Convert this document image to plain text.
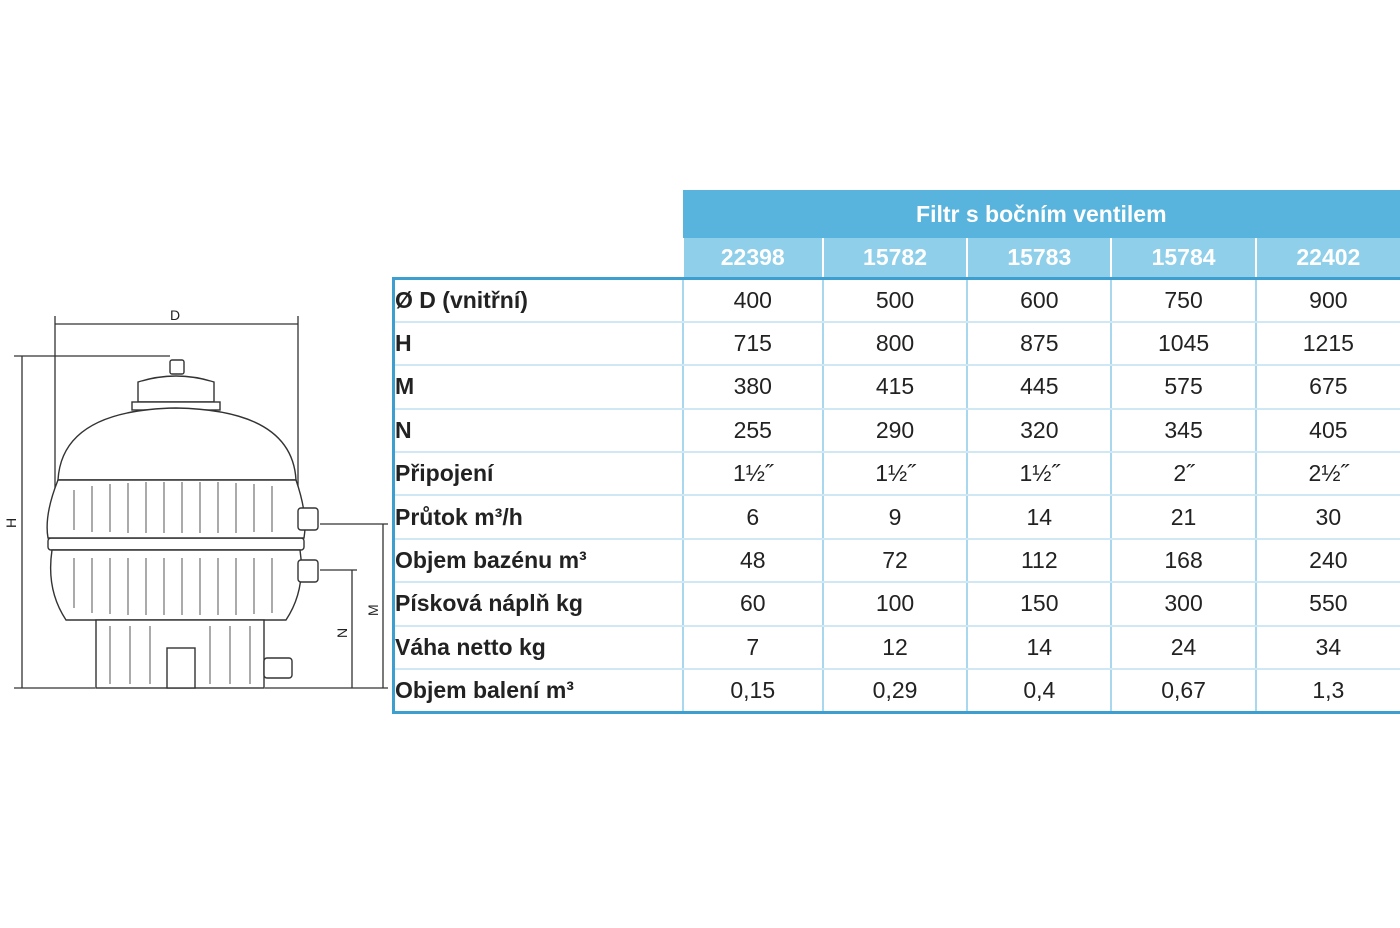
D
H
M
N
	Filtr s bočním ventilem				
	22398	15782	15783	15784	22402
Ø D (vnitřní)	400	500	600	750	900
H	715	800	875	1045	1215
M	380	415	445	575	675
N	255	290	320	345	405
Připojení	1½˝	1½˝	1½˝	2˝	2½˝
Průtok m³/h	6	9	14	21	30
Objem bazénu m³	48	72	112	168	240
Písková náplň kg	60	100	150	300	550
Váha netto kg	7	12	14	24	34
Objem balení m³	0,15	0,29	0,4	0,67	1,3
